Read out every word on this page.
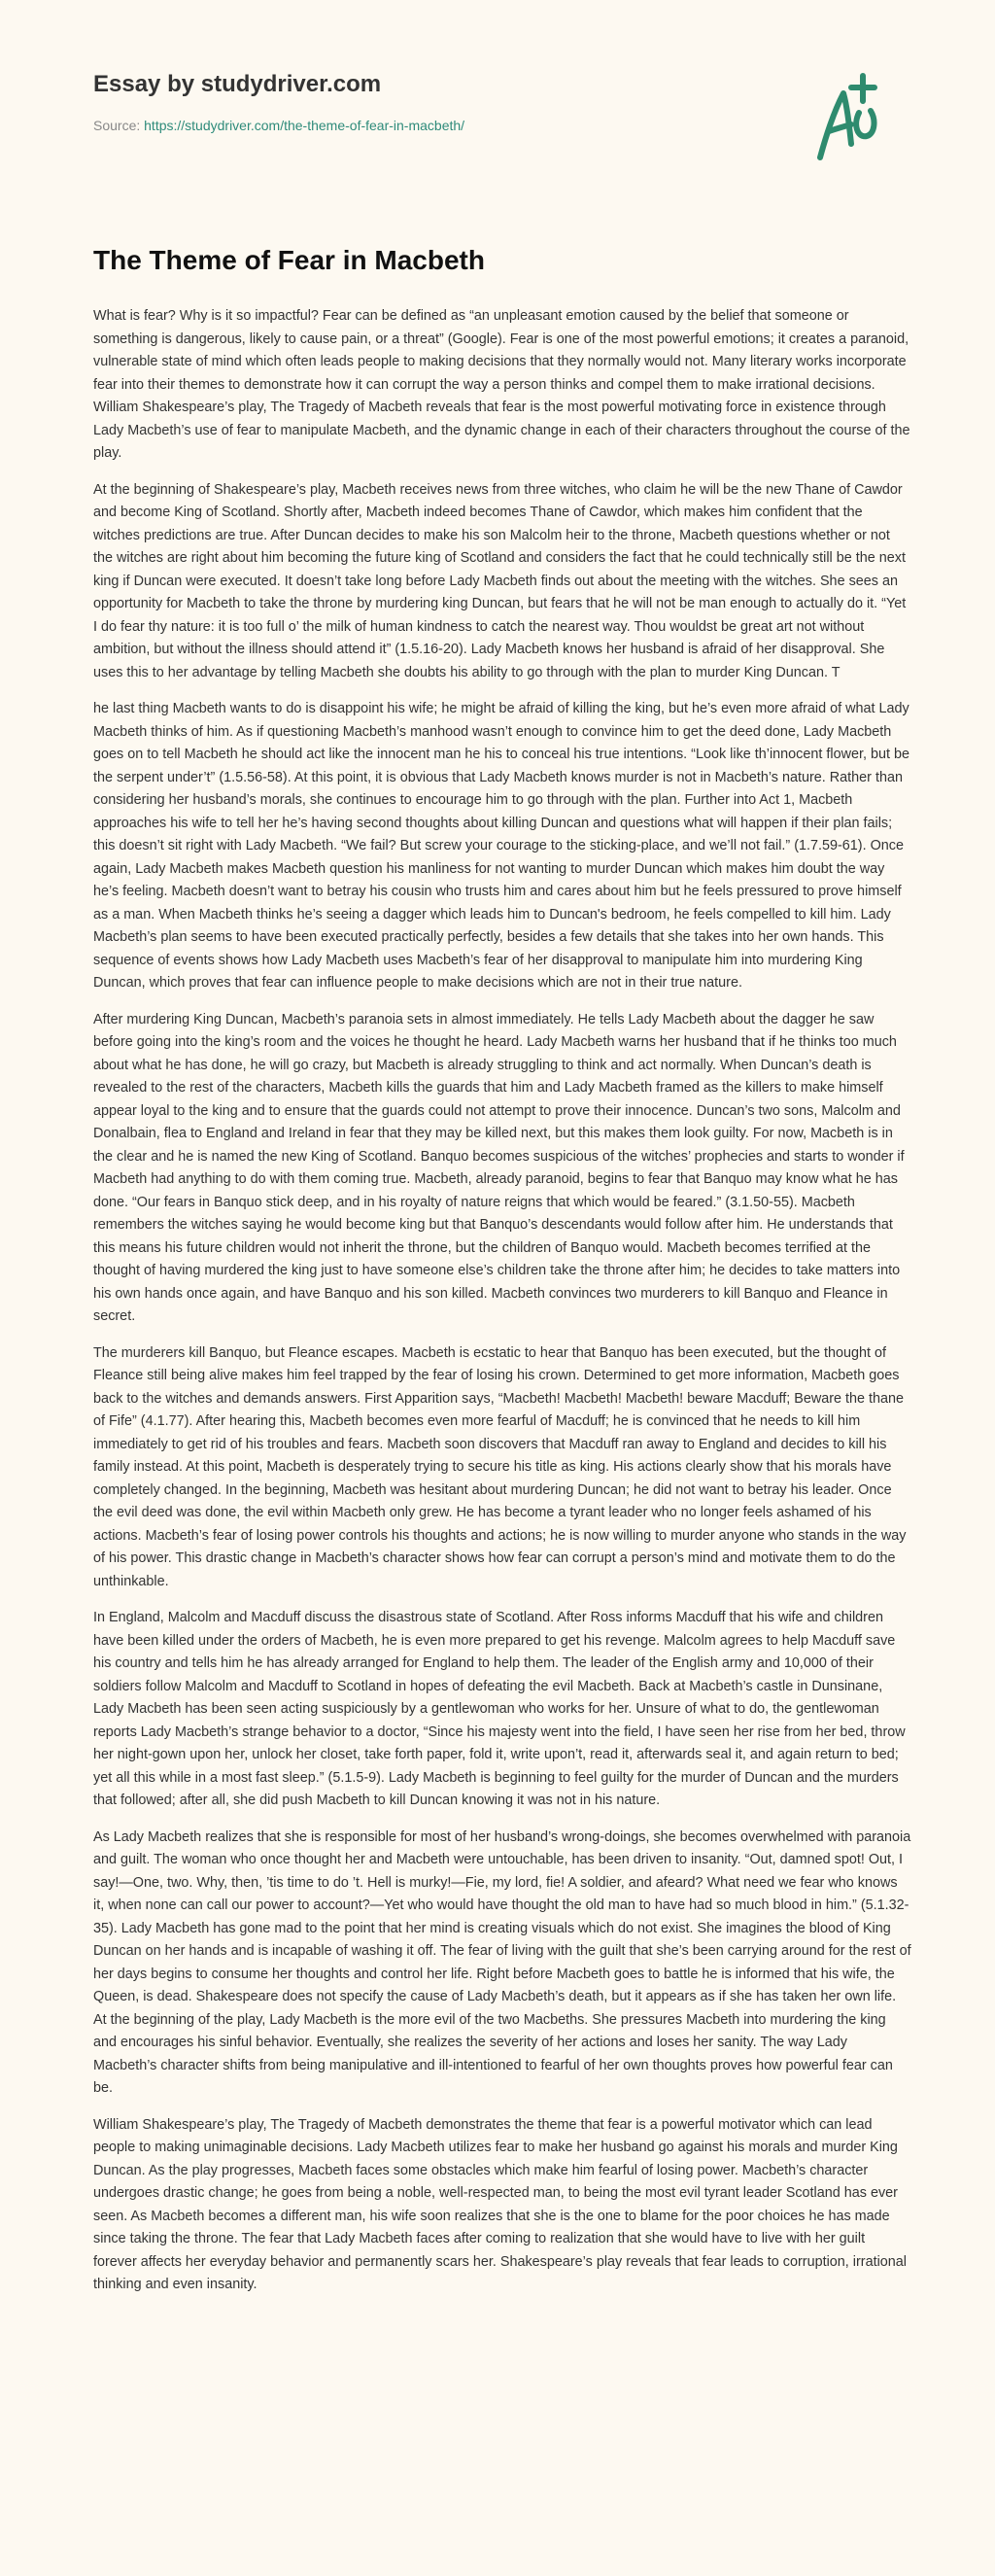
Essay by studydriver.com
Source: https://studydriver.com/the-theme-of-fear-in-macbeth/
The Theme of Fear in Macbeth

What is fear? Why is it so impactful? Fear can be defined as “an unpleasant emotion caused by the belief that someone or something is dangerous, likely to cause pain, or a threat” (Google). Fear is one of the most powerful emotions; it creates a paranoid, vulnerable state of mind which often leads people to making decisions that they normally would not. Many literary works incorporate fear into their themes to demonstrate how it can corrupt the way a person thinks and compel them to make irrational decisions. William Shakespeare’s play, The Tragedy of Macbeth reveals that fear is the most powerful motivating force in existence through Lady Macbeth’s use of fear to manipulate Macbeth, and the dynamic change in each of their characters throughout the course of the play.

At the beginning of Shakespeare’s play, Macbeth receives news from three witches, who claim he will be the new Thane of Cawdor and become King of Scotland. Shortly after, Macbeth indeed becomes Thane of Cawdor, which makes him confident that the witches predictions are true. After Duncan decides to make his son Malcolm heir to the throne, Macbeth questions whether or not the witches are right about him becoming the future king of Scotland and considers the fact that he could technically still be the next king if Duncan were executed. It doesn’t take long before Lady Macbeth finds out about the meeting with the witches. She sees an opportunity for Macbeth to take the throne by murdering king Duncan, but fears that he will not be man enough to actually do it. “Yet I do fear thy nature: it is too full o’ the milk of human kindness to catch the nearest way. Thou wouldst be great art not without ambition, but without the illness should attend it” (1.5.16-20). Lady Macbeth knows her husband is afraid of her disapproval. She uses this to her advantage by telling Macbeth she doubts his ability to go through with the plan to murder King Duncan. T

he last thing Macbeth wants to do is disappoint his wife; he might be afraid of killing the king, but he’s even more afraid of what Lady Macbeth thinks of him. As if questioning Macbeth’s manhood wasn’t enough to convince him to get the deed done, Lady Macbeth goes on to tell Macbeth he should act like the innocent man he his to conceal his true intentions. “Look like th’innocent flower, but be the serpent under’t” (1.5.56-58). At this point, it is obvious that Lady Macbeth knows murder is not in Macbeth’s nature. Rather than considering her husband’s morals, she continues to encourage him to go through with the plan. Further into Act 1, Macbeth approaches his wife to tell her he’s having second thoughts about killing Duncan and questions what will happen if their plan fails; this doesn’t sit right with Lady Macbeth. “We fail? But screw your courage to the sticking-place, and we’ll not fail.” (1.7.59-61). Once again, Lady Macbeth makes Macbeth question his manliness for not wanting to murder Duncan which makes him doubt the way he’s feeling. Macbeth doesn’t want to betray his cousin who trusts him and cares about him but he feels pressured to prove himself as a man. When Macbeth thinks he’s seeing a dagger which leads him to Duncan's bedroom, he feels compelled to kill him. Lady Macbeth’s plan seems to have been executed practically perfectly, besides a few details that she takes into her own hands. This sequence of events shows how Lady Macbeth uses Macbeth’s fear of her disapproval to manipulate him into murdering King Duncan, which proves that fear can influence people to make decisions which are not in their true nature.

After murdering King Duncan, Macbeth’s paranoia sets in almost immediately. He tells Lady Macbeth about the dagger he saw before going into the king’s room and the voices he thought he heard. Lady Macbeth warns her husband that if he thinks too much about what he has done, he will go crazy, but Macbeth is already struggling to think and act normally. When Duncan’s death is revealed to the rest of the characters, Macbeth kills the guards that him and Lady Macbeth framed as the killers to make himself appear loyal to the king and to ensure that the guards could not attempt to prove their innocence. Duncan’s two sons, Malcolm and Donalbain, flea to England and Ireland in fear that they may be killed next, but this makes them look guilty. For now, Macbeth is in the clear and he is named the new King of Scotland. Banquo becomes suspicious of the witches’ prophecies and starts to wonder if Macbeth had anything to do with them coming true. Macbeth, already paranoid, begins to fear that Banquo may know what he has done. “Our fears in Banquo stick deep, and in his royalty of nature reigns that which would be feared.” (3.1.50-55). Macbeth remembers the witches saying he would become king but that Banquo’s descendants would follow after him. He understands that this means his future children would not inherit the throne, but the children of Banquo would. Macbeth becomes terrified at the thought of having murdered the king just to have someone else’s children take the throne after him; he decides to take matters into his own hands once again, and have Banquo and his son killed. Macbeth convinces two murderers to kill Banquo and Fleance in secret.

The murderers kill Banquo, but Fleance escapes. Macbeth is ecstatic to hear that Banquo has been executed, but the thought of Fleance still being alive makes him feel trapped by the fear of losing his crown. Determined to get more information, Macbeth goes back to the witches and demands answers. First Apparition says, “Macbeth! Macbeth! Macbeth! beware Macduff; Beware the thane of Fife” (4.1.77). After hearing this, Macbeth becomes even more fearful of Macduff; he is convinced that he needs to kill him immediately to get rid of his troubles and fears. Macbeth soon discovers that Macduff ran away to England and decides to kill his family instead. At this point, Macbeth is desperately trying to secure his title as king. His actions clearly show that his morals have completely changed. In the beginning, Macbeth was hesitant about murdering Duncan; he did not want to betray his leader. Once the evil deed was done, the evil within Macbeth only grew. He has become a tyrant leader who no longer feels ashamed of his actions. Macbeth’s fear of losing power controls his thoughts and actions; he is now willing to murder anyone who stands in the way of his power. This drastic change in Macbeth’s character shows how fear can corrupt a person’s mind and motivate them to do the unthinkable.

In England, Malcolm and Macduff discuss the disastrous state of Scotland. After Ross informs Macduff that his wife and children have been killed under the orders of Macbeth, he is even more prepared to get his revenge. Malcolm agrees to help Macduff save his country and tells him he has already arranged for England to help them. The leader of the English army and 10,000 of their soldiers follow Malcolm and Macduff to Scotland in hopes of defeating the evil Macbeth. Back at Macbeth’s castle in Dunsinane, Lady Macbeth has been seen acting suspiciously by a gentlewoman who works for her. Unsure of what to do, the gentlewoman reports Lady Macbeth’s strange behavior to a doctor, “Since his majesty went into the field, I have seen her rise from her bed, throw her night-gown upon her, unlock her closet, take forth paper, fold it, write upon’t, read it, afterwards seal it, and again return to bed; yet all this while in a most fast sleep.” (5.1.5-9). Lady Macbeth is beginning to feel guilty for the murder of Duncan and the murders that followed; after all, she did push Macbeth to kill Duncan knowing it was not in his nature.

As Lady Macbeth realizes that she is responsible for most of her husband’s wrong-doings, she becomes overwhelmed with paranoia and guilt. The woman who once thought her and Macbeth were untouchable, has been driven to insanity. “Out, damned spot! Out, I say!—One, two. Why, then, ’tis time to do ’t. Hell is murky!—Fie, my lord, fie! A soldier, and afeard? What need we fear who knows it, when none can call our power to account?—Yet who would have thought the old man to have had so much blood in him.” (5.1.32-35). Lady Macbeth has gone mad to the point that her mind is creating visuals which do not exist. She imagines the blood of King Duncan on her hands and is incapable of washing it off. The fear of living with the guilt that she’s been carrying around for the rest of her days begins to consume her thoughts and control her life. Right before Macbeth goes to battle he is informed that his wife, the Queen, is dead. Shakespeare does not specify the cause of Lady Macbeth’s death, but it appears as if she has taken her own life. At the beginning of the play, Lady Macbeth is the more evil of the two Macbeths. She pressures Macbeth into murdering the king and encourages his sinful behavior. Eventually, she realizes the severity of her actions and loses her sanity. The way Lady Macbeth’s character shifts from being manipulative and ill-intentioned to fearful of her own thoughts proves how powerful fear can be.

William Shakespeare’s play, The Tragedy of Macbeth demonstrates the theme that fear is a powerful motivator which can lead people to making unimaginable decisions. Lady Macbeth utilizes fear to make her husband go against his morals and murder King Duncan. As the play progresses, Macbeth faces some obstacles which make him fearful of losing power. Macbeth’s character undergoes drastic change; he goes from being a noble, well-respected man, to being the most evil tyrant leader Scotland has ever seen. As Macbeth becomes a different man, his wife soon realizes that she is the one to blame for the poor choices he has made since taking the throne. The fear that Lady Macbeth faces after coming to realization that she would have to live with her guilt forever affects her everyday behavior and permanently scars her. Shakespeare’s play reveals that fear leads to corruption, irrational thinking and even insanity.
